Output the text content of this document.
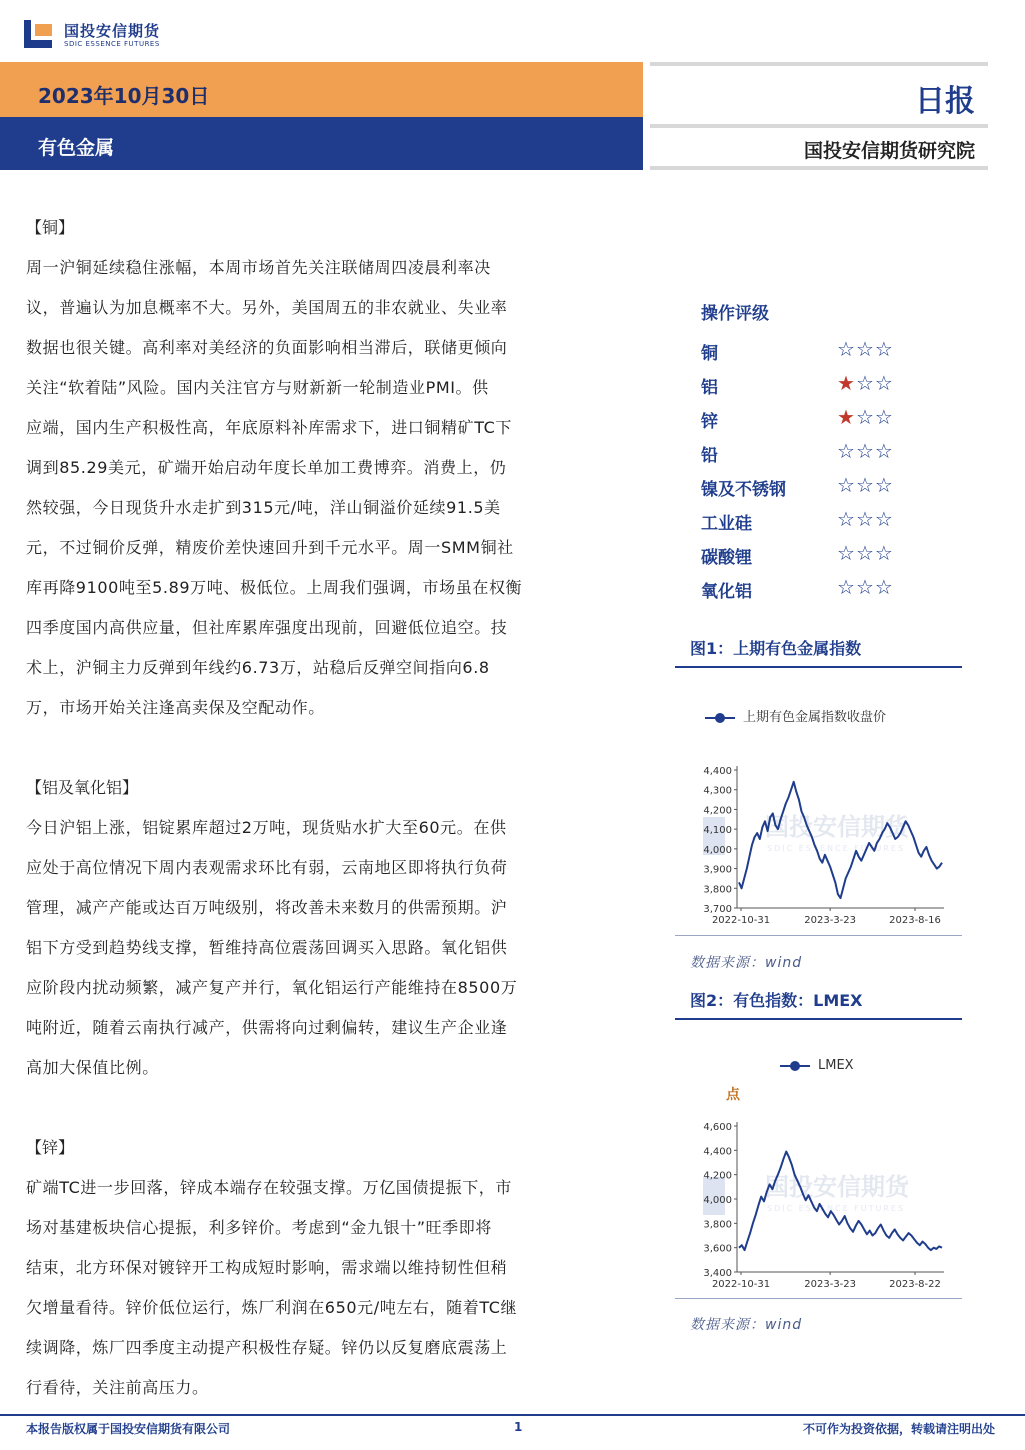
国投安信期货
SDIC ESSENCE FUTURES
2023年10月30日
有色金属
日报
国投安信期货研究院
【铜】
周一沪铜延续稳住涨幅，本周市场首先关注联储周四凌晨利率决
议，普遍认为加息概率不大。另外，美国周五的非农就业、失业率
数据也很关键。高利率对美经济的负面影响相当滞后，联储更倾向
关注“软着陆”风险。国内关注官方与财新新一轮制造业PMI。供
应端，国内生产积极性高，年底原料补库需求下，进口铜精矿TC下
调到85.29美元，矿端开始启动年度长单加工费博弈。消费上，仍
然较强，今日现货升水走扩到315元/吨，洋山铜溢价延续91.5美
元，不过铜价反弹，精废价差快速回升到千元水平。周一SMM铜社
库再降9100吨至5.89万吨、极低位。上周我们强调，市场虽在权衡
四季度国内高供应量，但社库累库强度出现前，回避低位追空。技
术上，沪铜主力反弹到年线约6.73万，站稳后反弹空间指向6.8
万，市场开始关注逢高卖保及空配动作。
【铝及氧化铝】
今日沪铝上涨，铝锭累库超过2万吨，现货贴水扩大至60元。在供
应处于高位情况下周内表观需求环比有弱，云南地区即将执行负荷
管理，减产产能或达百万吨级别，将改善未来数月的供需预期。沪
铝下方受到趋势线支撑，暂维持高位震荡回调买入思路。氧化铝供
应阶段内扰动频繁，减产复产并行，氧化铝运行产能维持在8500万
吨附近，随着云南执行减产，供需将向过剩偏转，建议生产企业逢
高加大保值比例。
【锌】
矿端TC进一步回落，锌成本端存在较强支撑。万亿国债提振下，市
场对基建板块信心提振，利多锌价。考虑到“金九银十”旺季即将
结束，北方环保对镀锌开工构成短时影响，需求端以维持韧性但稍
欠增量看待。锌价低位运行，炼厂利润在650元/吨左右，随着TC继
续调降，炼厂四季度主动提产积极性存疑。锌仍以反复磨底震荡上
行看待，关注前高压力。
操作评级
铜	☆☆☆
铝	★☆☆
锌	★☆☆
铅	☆☆☆
镍及不锈钢	☆☆☆
工业硅	☆☆☆
碳酸锂	☆☆☆
氧化铝	☆☆☆
图1：上期有色金属指数
上期有色金属指数收盘价
国投安信期货
SDIC ESSENCE FUTURES
3,700
3,800
3,900
4,000
4,100
4,200
4,300
4,400
2022-10-31	2023-3-23	2023-8-16
数据来源：wind
图2：有色指数：LMEX
LMEX
点
国投安信期货
SDIC ESSENCE FUTURES
3,400
3,600
3,800
4,000
4,200
4,400
4,600
2022-10-31	2023-3-23	2023-8-22
数据来源：wind
本报告版权属于国投安信期货有限公司	1	不可作为投资依据，转载请注明出处
